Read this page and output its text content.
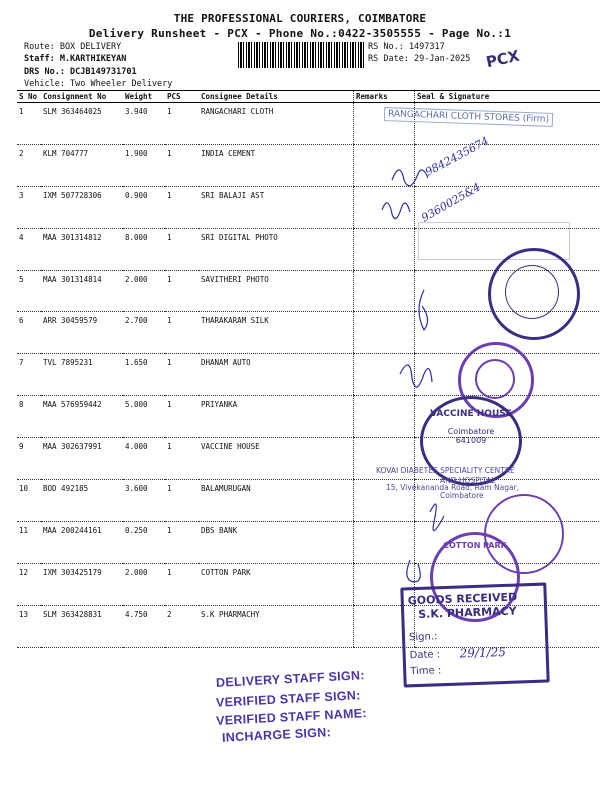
THE PROFESSIONAL COURIERS, COIMBATORE
Delivery Runsheet - PCX - Phone No.:0422-3505555 - Page No.:1
Route: BOX DELIVERY
Staff: M.KARTHIKEYAN
DRS No.: DCJB149731701
Vehicle: Two Wheeler Delivery
RS No.: 1497317
RS Date: 29-Jan-2025 PCX
S No	Consignment No	Weight	PCS	Consignee Details	Remarks	Seal & Signature
1	SLM 363464025	3.940	1	RANGACHARI CLOTH		
2	KLM 704777	1.900	1	INDIA CEMENT		
3	IXM 507728306	0.900	1	SRI BALAJI AST		
4	MAA 301314812	8.000	1	SRI DIGITAL PHOTO		
5	MAA 301314814	2.000	1	SAVITHERI PHOTO		
6	ARR 30459579	2.700	1	THARAKARAM SILK		
7	TVL 7895231	1.650	1	DHANAM AUTO		
8	MAA 576959442	5.000	1	PRIYANKA		
9	MAA 302637991	4.000	1	VACCINE HOUSE		
10	BOD 492185	3.600	1	BALAMURUGAN		
11	MAA 200244161	0.250	1	DBS BANK		
12	IXM 303425179	2.000	1	COTTON PARK		
13	SLM 363428831	4.750	2	S.K PHARMACHY		
RANGACHARI CLOTH STORES (Firm)
9842435674
9360025&4
VACCINE HOUSE
Coimbatore
641009
KOVAI DIABETES SPECIALITY CENTRE
AND HOSPITAL
15, Vivekananda Road, Ram Nagar,
Coimbatore
COTTON PARK
GOODS RECEIVED
S.K. PHARMACY
Sign.:
Date : 29/1/25
Time :
DELIVERY STAFF SIGN:
VERIFIED STAFF SIGN:
VERIFIED STAFF NAME:
INCHARGE SIGN:
